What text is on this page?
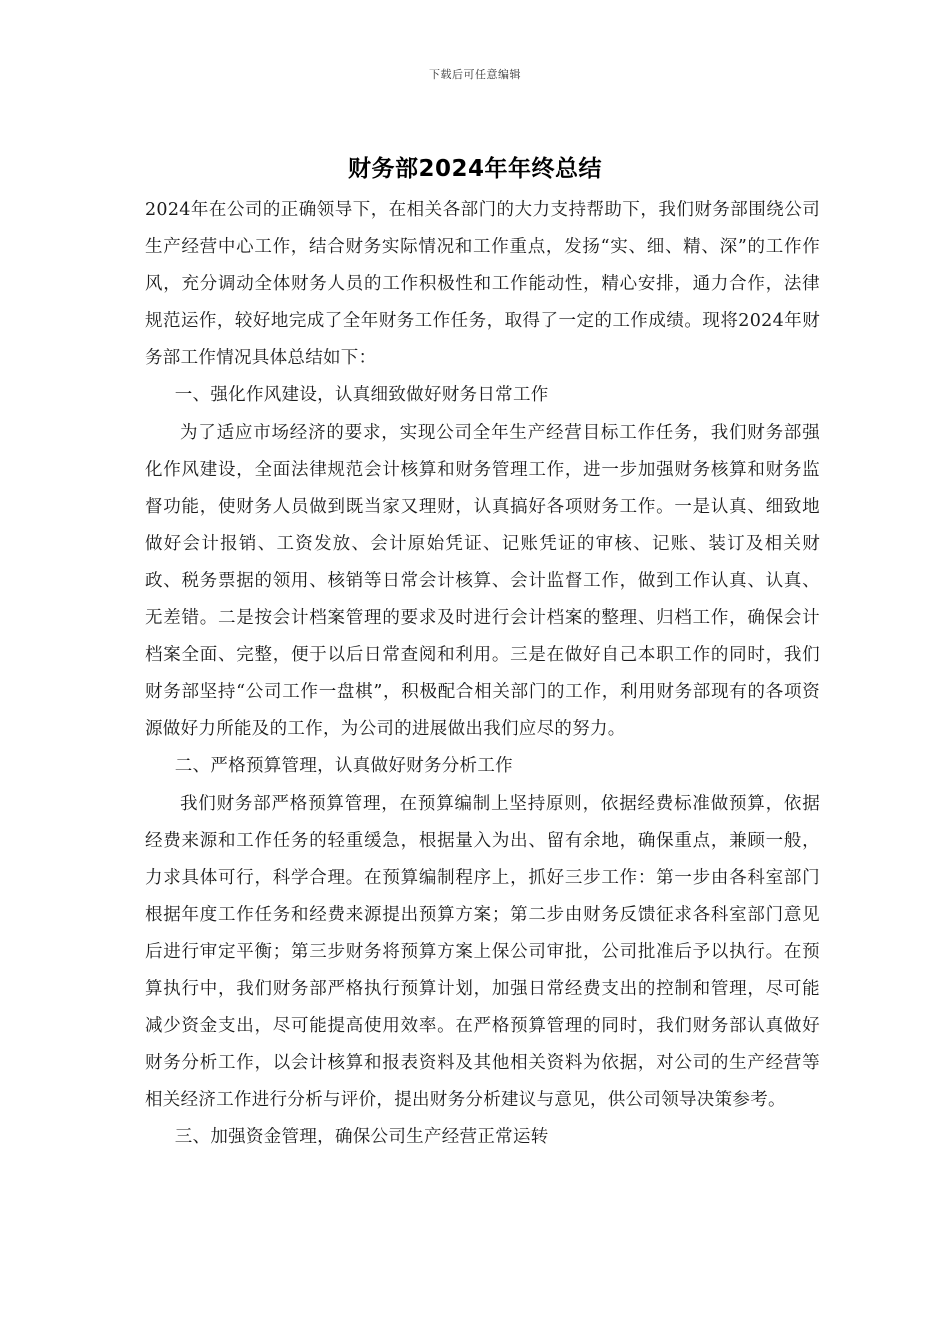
下载后可任意编辑
财务部2024年年终总结

2024年在公司的正确领导下，在相关各部门的大力支持帮助下，我们财务部围绕公司生产经营中心工作，结合财务实际情况和工作重点，发扬“实、细、精、深”的工作作风，充分调动全体财务人员的工作积极性和工作能动性，精心安排，通力合作，法律规范运作，较好地完成了全年财务工作任务，取得了一定的工作成绩。现将2024年财务部工作情况具体总结如下：

一、强化作风建设，认真细致做好财务日常工作

为了适应市场经济的要求，实现公司全年生产经营目标工作任务，我们财务部强化作风建设，全面法律规范会计核算和财务管理工作，进一步加强财务核算和财务监督功能，使财务人员做到既当家又理财，认真搞好各项财务工作。一是认真、细致地做好会计报销、工资发放、会计原始凭证、记账凭证的审核、记账、装订及相关财政、税务票据的领用、核销等日常会计核算、会计监督工作，做到工作认真、认真、无差错。二是按会计档案管理的要求及时进行会计档案的整理、归档工作，确保会计档案全面、完整，便于以后日常查阅和利用。三是在做好自己本职工作的同时，我们财务部坚持“公司工作一盘棋”，积极配合相关部门的工作，利用财务部现有的各项资源做好力所能及的工作，为公司的进展做出我们应尽的努力。

二、严格预算管理，认真做好财务分析工作

我们财务部严格预算管理，在预算编制上坚持原则，依据经费标准做预算，依据经费来源和工作任务的轻重缓急，根据量入为出、留有余地，确保重点，兼顾一般，力求具体可行，科学合理。在预算编制程序上，抓好三步工作：第一步由各科室部门根据年度工作任务和经费来源提出预算方案；第二步由财务反馈征求各科室部门意见后进行审定平衡；第三步财务将预算方案上保公司审批，公司批准后予以执行。在预算执行中，我们财务部严格执行预算计划，加强日常经费支出的控制和管理，尽可能减少资金支出，尽可能提高使用效率。在严格预算管理的同时，我们财务部认真做好财务分析工作，以会计核算和报表资料及其他相关资料为依据，对公司的生产经营等相关经济工作进行分析与评价，提出财务分析建议与意见，供公司领导决策参考。

三、加强资金管理，确保公司生产经营正常运转
